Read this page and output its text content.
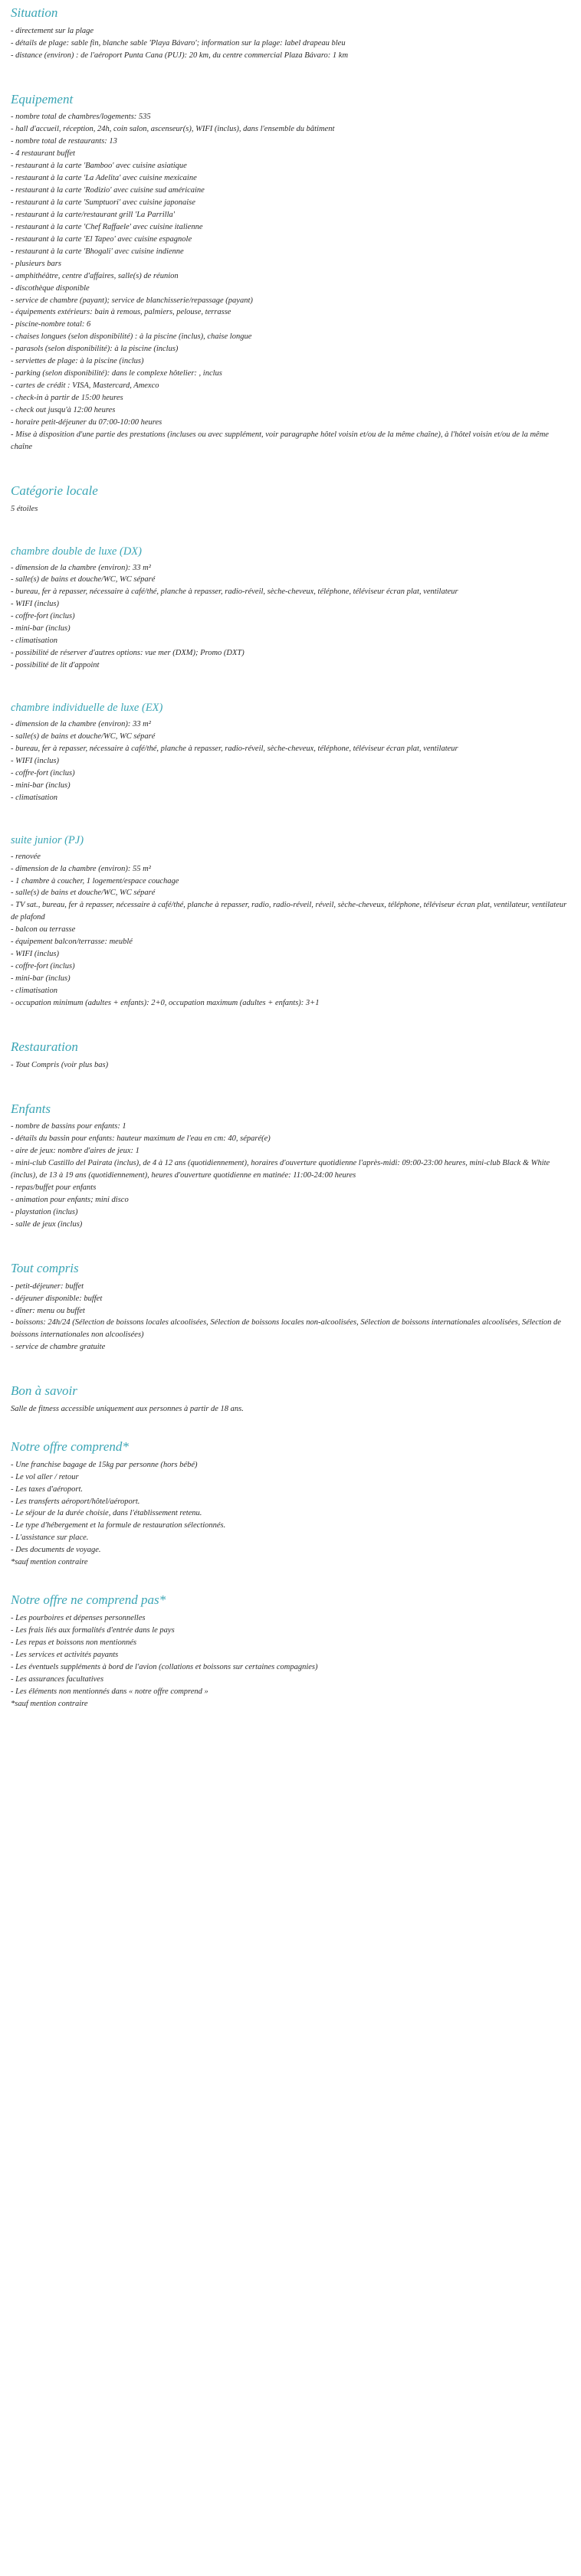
Situation
- directement sur la plage
- détails de plage: sable fin, blanche sable 'Playa Bávaro'; information sur la plage: label drapeau bleu
- distance (environ) : de l'aéroport Punta Cana (PUJ): 20 km, du centre commercial Plaza Bávaro: 1 km
Equipement
- nombre total de chambres/logements: 535
- hall d'accueil, réception, 24h, coin salon, ascenseur(s), WIFI (inclus), dans l'ensemble du bâtiment
- nombre total de restaurants: 13
- 4 restaurant buffet
- restaurant à la carte 'Bamboo' avec cuisine asiatique
- restaurant à la carte 'La Adelita' avec cuisine mexicaine
- restaurant à la carte 'Rodizio' avec cuisine sud américaine
- restaurant à la carte 'Sumptuori' avec cuisine japonaise
- restaurant à la carte/restaurant grill 'La Parrilla'
- restaurant à la carte 'Chef Raffaele' avec cuisine italienne
- restaurant à la carte 'El Tapeo' avec cuisine espagnole
- restaurant à la carte 'Bhogali' avec cuisine indienne
- plusieurs bars
- amphithéâtre, centre d'affaires, salle(s) de réunion
- discothèque disponible
- service de chambre (payant); service de blanchisserie/repassage (payant)
- équipements extérieurs: bain à remous, palmiers, pelouse, terrasse
- piscine-nombre total: 6
- chaises longues (selon disponibilité) : à la piscine (inclus), chaise longue
- parasols (selon disponibilité): à la piscine (inclus)
- serviettes de plage: à la piscine (inclus)
- parking (selon disponibilité): dans le complexe hôtelier: , inclus
- cartes de crédit : VISA, Mastercard, Amexco
- check-in à partir de 15:00 heures
- check out jusqu'à 12:00 heures
- horaire petit-déjeuner du 07:00-10:00 heures
- Mise à disposition d'une partie des prestations (incluses ou avec supplément, voir paragraphe hôtel voisin et/ou de la même chaîne), à l'hôtel voisin et/ou de la même chaîne
Catégorie locale
5 étoiles
chambre double de luxe (DX)
- dimension de la chambre (environ): 33 m²
- salle(s) de bains et douche/WC, WC séparé
- bureau, fer à repasser, nécessaire à café/thé, planche à repasser, radio-réveil, sèche-cheveux, téléphone, téléviseur écran plat, ventilateur
- WIFI (inclus)
- coffre-fort (inclus)
- mini-bar (inclus)
- climatisation
- possibilité de réserver d'autres options: vue mer (DXM); Promo (DXT)
- possibilité de lit d'appoint
chambre individuelle de luxe (EX)
- dimension de la chambre (environ): 33 m²
- salle(s) de bains et douche/WC, WC séparé
- bureau, fer à repasser, nécessaire à café/thé, planche à repasser, radio-réveil, sèche-cheveux, téléphone, téléviseur écran plat, ventilateur
- WIFI (inclus)
- coffre-fort (inclus)
- mini-bar (inclus)
- climatisation
suite junior (PJ)
- renovée
- dimension de la chambre (environ): 55 m²
- 1 chambre à coucher, 1 logement/espace couchage
- salle(s) de bains et douche/WC, WC séparé
- TV sat., bureau, fer à repasser, nécessaire à café/thé, planche à repasser, radio, radio-réveil, réveil, sèche-cheveux, téléphone, téléviseur écran plat, ventilateur, ventilateur de plafond
- balcon ou terrasse
- équipement balcon/terrasse: meublé
- WIFI (inclus)
- coffre-fort (inclus)
- mini-bar (inclus)
- climatisation
- occupation minimum (adultes + enfants): 2+0, occupation maximum (adultes + enfants): 3+1
Restauration
- Tout Compris (voir plus bas)
Enfants
- nombre de bassins pour enfants: 1
- détails du bassin pour enfants: hauteur maximum de l'eau en cm: 40, séparé(e)
- aire de jeux: nombre d'aires de jeux: 1
- mini-club Castillo del Pairata (inclus), de 4 à 12 ans (quotidiennement), horaires d'ouverture quotidienne l'après-midi: 09:00-23:00 heures, mini-club Black & White (inclus), de 13 à 19 ans (quotidiennement), heures d'ouverture quotidienne en matinée: 11:00-24:00 heures
- repas/buffet pour enfants
- animation pour enfants; mini disco
- playstation (inclus)
- salle de jeux (inclus)
Tout compris
- petit-déjeuner: buffet
- déjeuner disponible: buffet
- dîner: menu ou buffet
- boissons: 24h/24 (Sélection de boissons locales alcoolisées, Sélection de boissons locales non-alcoolisées, Sélection de boissons internationales alcoolisées, Sélection de boissons internationales non alcoolisées)
- service de chambre gratuite
Bon à savoir

Salle de fitness accessible uniquement aux personnes à partir de 18 ans.

Notre offre comprend*
- Une franchise bagage de 15kg par personne (hors bébé)
- Le vol aller / retour
- Les taxes d'aéroport.
- Les transferts aéroport/hôtel/aéroport.
- Le séjour de la durée choisie, dans l'établissement retenu.
- Le type d'hébergement et la formule de restauration sélectionnés.
- L'assistance sur place.
- Des documents de voyage.
*sauf mention contraire
Notre offre ne comprend pas*
- Les pourboires et dépenses personnelles
- Les frais liés aux formalités d'entrée dans le pays
- Les repas et boissons non mentionnés
- Les services et activités payants
- Les éventuels suppléments à bord de l'avion (collations et boissons sur certaines compagnies)
- Les assurances facultatives
- Les éléments non mentionnés dans « notre offre comprend »
*sauf mention contraire
